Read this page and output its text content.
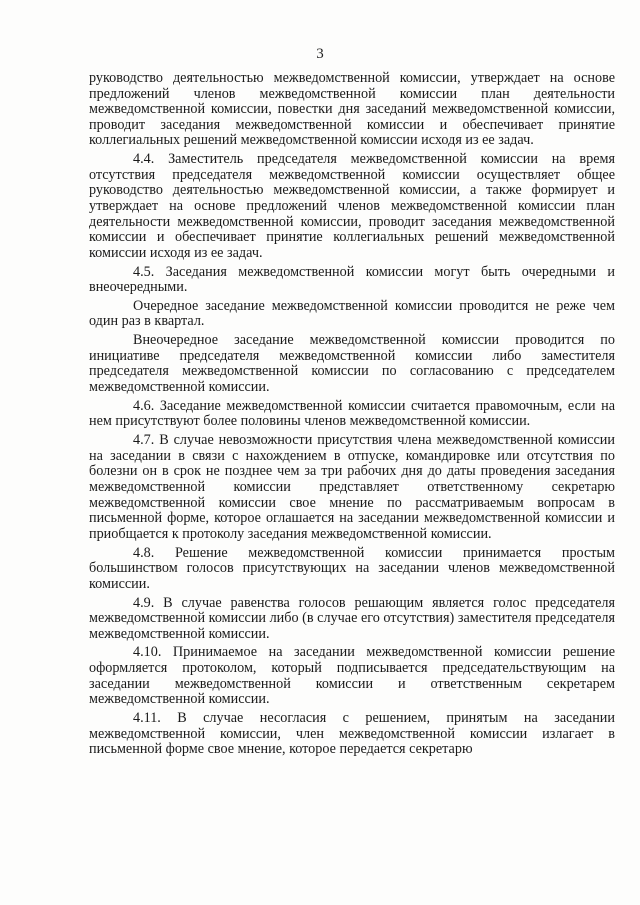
3

руководство деятельностью межведомственной комиссии, утверждает на основе предложений членов межведомственной комиссии план деятельности межведомственной комиссии, повестки дня заседаний межведомственной комиссии, проводит заседания межведомственной комиссии и обеспечивает принятие коллегиальных решений межведомственной комиссии исходя из ее задач.

4.4. Заместитель председателя межведомственной комиссии на время отсутствия председателя межведомственной комиссии осуществляет общее руководство деятельностью межведомственной комиссии, а также формирует и утверждает на основе предложений членов межведомственной комиссии план деятельности межведомственной комиссии, проводит заседания межведомственной комиссии и обеспечивает принятие коллегиальных решений межведомственной комиссии исходя из ее задач.

4.5. Заседания межведомственной комиссии могут быть очередными и внеочередными.

Очередное заседание межведомственной комиссии проводится не реже чем один раз в квартал.

Внеочередное заседание межведомственной комиссии проводится по инициативе председателя межведомственной комиссии либо заместителя председателя межведомственной комиссии по согласованию с председателем межведомственной комиссии.

4.6. Заседание межведомственной комиссии считается правомочным, если на нем присутствуют более половины членов межведомственной комиссии.

4.7. В случае невозможности присутствия члена межведомственной комиссии на заседании в связи с нахождением в отпуске, командировке или отсутствия по болезни он в срок не позднее чем за три рабочих дня до даты проведения заседания межведомственной комиссии представляет ответственному секретарю межведомственной комиссии свое мнение по рассматриваемым вопросам в письменной форме, которое оглашается на заседании межведомственной комиссии и приобщается к протоколу заседания межведомственной комиссии.

4.8. Решение межведомственной комиссии принимается простым большинством голосов присутствующих на заседании членов межведомственной комиссии.

4.9. В случае равенства голосов решающим является голос председателя межведомственной комиссии либо (в случае его отсутствия) заместителя председателя межведомственной комиссии.

4.10. Принимаемое на заседании межведомственной комиссии решение оформляется протоколом, который подписывается председательствующим на заседании межведомственной комиссии и ответственным секретарем межведомственной комиссии.

4.11. В случае несогласия с решением, принятым на заседании межведомственной комиссии, член межведомственной комиссии излагает в письменной форме свое мнение, которое передается секретарю
